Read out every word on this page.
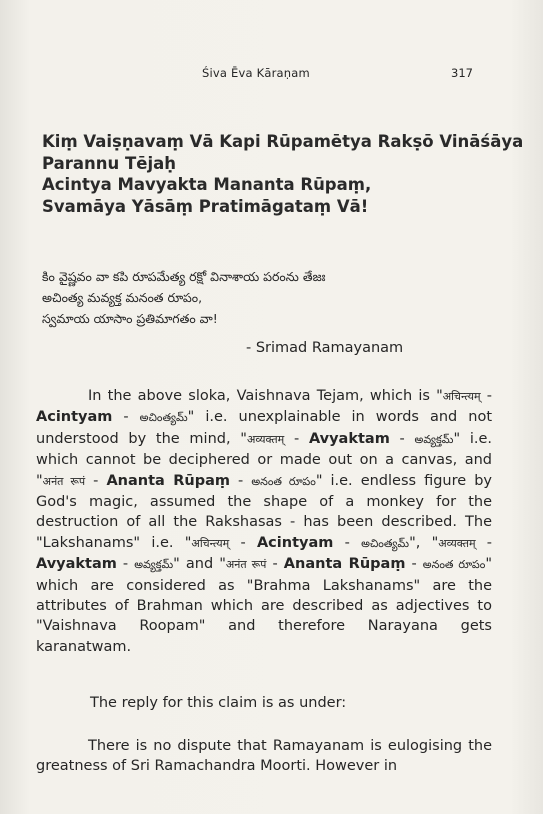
Śiva Ēva Kāraṇam	317
Kiṃ Vaiṣṇavaṃ Vā Kapi Rūpamētya Rakṣō Vināśāya
Parannu Tējaḥ
Acintya Mavyakta Mananta Rūpaṃ,
Svamāya Yāsāṃ Pratimāgataṃ Vā!
కిం వైష్ణవం వా కపి రూపమేత్య రక్షో వినాశాయ పరంను తేజః
అచింత్య మవ్యక్త మనంత రూపం,
స్వమాయ యాసాం ప్రతిమాగతం వా!
- Srimad Ramayanam
In the above sloka, Vaishnava Tejam, which is "अचिन्त्यम् - Acintyam - అచింత్యమ్" i.e. unexplainable in words and not understood by the mind, "अव्यक्तम् - Avyaktam - అవ్యక్తమ్" i.e. which cannot be deciphered or made out on a canvas, and "अनंत रूपं - Ananta Rūpaṃ - అనంత రూపం" i.e. endless figure by God's magic, assumed the shape of a monkey for the destruction of all the Rakshasas - has been described. The "Lakshanams" i.e. "अचिन्त्यम् - Acintyam - అచింత్యమ్", "अव्यक्तम् - Avyaktam - అవ్యక్తమ్" and "अनंत रूपं - Ananta Rūpaṃ - అనంత రూపం" which are considered as "Brahma Lakshanams" are the attributes of Brahman which are described as adjectives to "Vaishnava Roopam" and therefore Narayana gets karanatwam.
The reply for this claim is as under:
There is no dispute that Ramayanam is eulogising the greatness of Sri Ramachandra Moorti. However in
